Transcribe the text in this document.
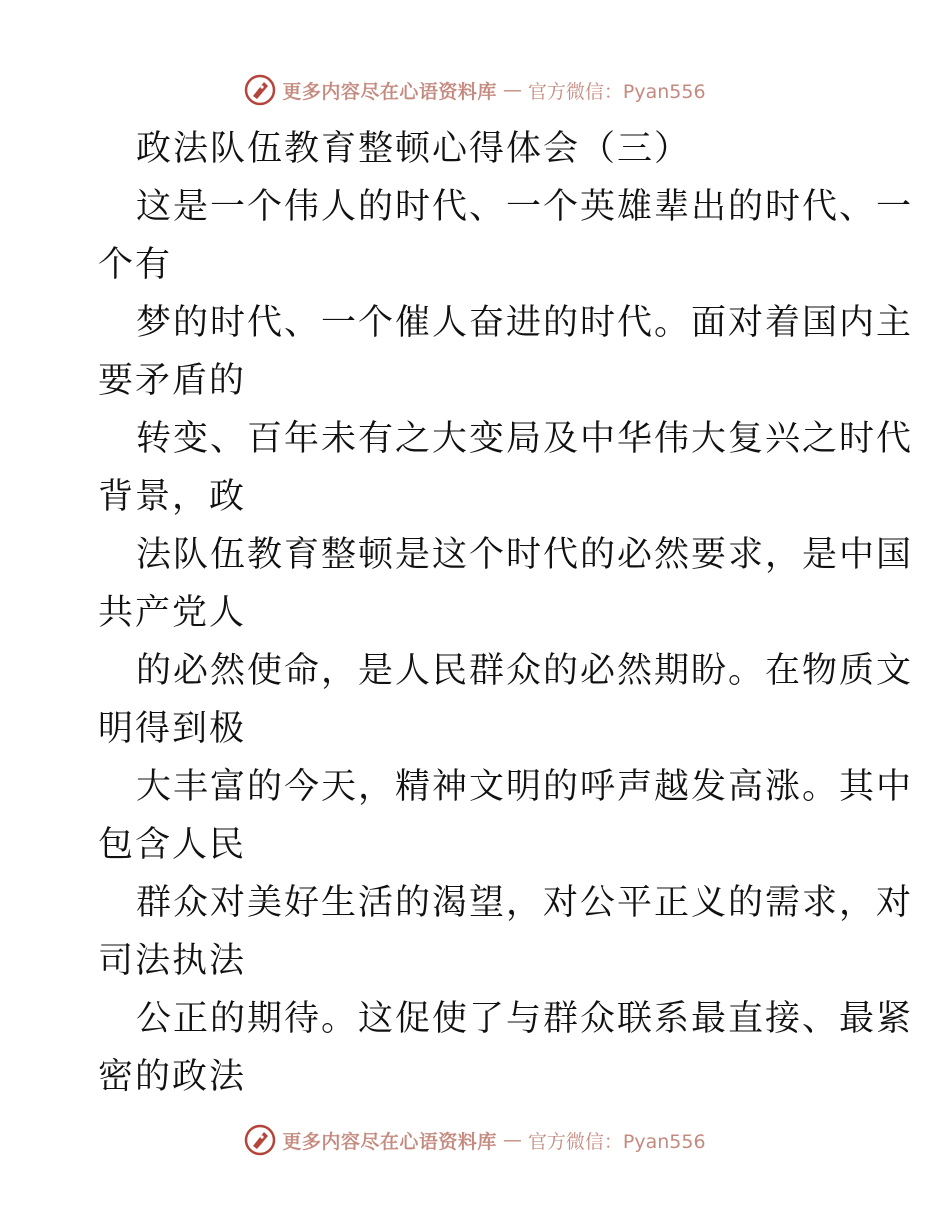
更多内容尽在心语资料库 — 官方微信：Pyan556
政法队伍教育整顿心得体会（三）
这是一个伟人的时代、一个英雄辈出的时代、一
个有
梦的时代、一个催人奋进的时代。面对着国内主
要矛盾的
转变、百年未有之大变局及中华伟大复兴之时代
背景，政
法队伍教育整顿是这个时代的必然要求，是中国
共产党人
的必然使命，是人民群众的必然期盼。在物质文
明得到极
大丰富的今天，精神文明的呼声越发高涨。其中
包含人民
群众对美好生活的渴望，对公平正义的需求，对
司法执法
公正的期待。这促使了与群众联系最直接、最紧
密的政法
更多内容尽在心语资料库 — 官方微信：Pyan556
